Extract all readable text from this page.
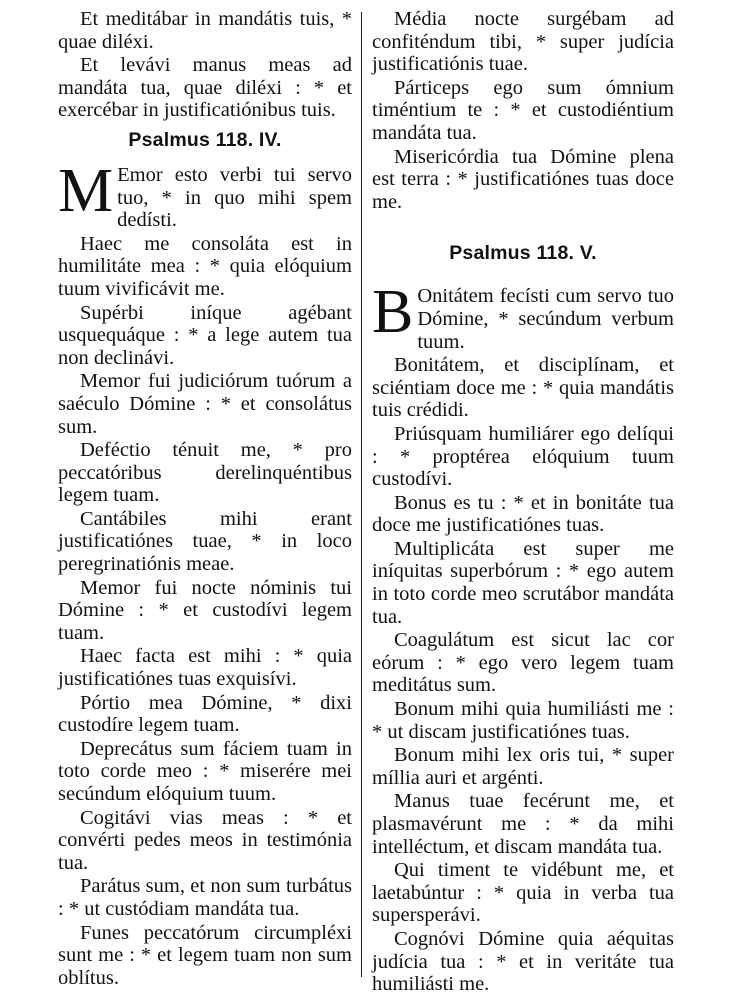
Et meditábar in mandátis tuis, * quae diléxi.

Et levávi manus meas ad mandáta tua, quae diléxi : * et exercébar in justificatiónibus tuis.

Psalmus 118. IV.

M Emor esto verbi tui servo tuo, * in quo mihi spem dedísti.

Haec me consoláta est in humilitáte mea : * quia elóquium tuum vivificávit me.

Supérbi iníque agébant usquequáque : * a lege autem tua non declinávi.

Memor fui judiciórum tuórum a saéculo Dómine : * et consolátus sum.

Deféctio ténuit me, * pro peccatóribus derelinquéntibus legem tuam.

Cantábiles mihi erant justificatiónes tuae, * in loco peregrinatiónis meae.

Memor fui nocte nóminis tui Dómine : * et custodívi legem tuam.

Haec facta est mihi : * quia justificatiónes tuas exquisívi.

Pórtio mea Dómine, * dixi custodíre legem tuam.

Deprecátus sum fáciem tuam in toto corde meo : * miserére mei secúndum elóquium tuum.

Cogitávi vias meas : * et convérti pedes meos in testimónia tua.

Parátus sum, et non sum turbátus : * ut custódiam mandáta tua.

Funes peccatórum circumpléxi sunt me : * et legem tuam non sum oblítus.

Média nocte surgébam ad confiténdum tibi, * super judícia justificatiónis tuae.

Párticeps ego sum ómnium timéntium te : * et custodiéntium mandáta tua.

Misericórdia tua Dómine plena est terra : * justificatiónes tuas doce me.

Psalmus 118. V.

B Onitátem fecísti cum servo tuo Dómine, * secúndum verbum tuum.

Bonitátem, et disciplínam, et sciéntiam doce me : * quia mandátis tuis crédidi.

Priúsquam humiliárer ego delíqui : * proptérea elóquium tuum custodívi.

Bonus es tu : * et in bonitáte tua doce me justificatiónes tuas.

Multiplicáta est super me iníquitas superbórum : * ego autem in toto corde meo scrutábor mandáta tua.

Coagulátum est sicut lac cor eórum : * ego vero legem tuam meditátus sum.

Bonum mihi quia humiliásti me : * ut discam justificatiónes tuas.

Bonum mihi lex oris tui, * super míllia auri et argénti.

Manus tuae fecérunt me, et plasmavérunt me : * da mihi intelléctum, et discam mandáta tua.

Qui timent te vidébunt me, et laetabúntur : * quia in verba tua supersperávi.

Cognóvi Dómine quia aéquitas judícia tua : * et in veritáte tua humiliásti me.
